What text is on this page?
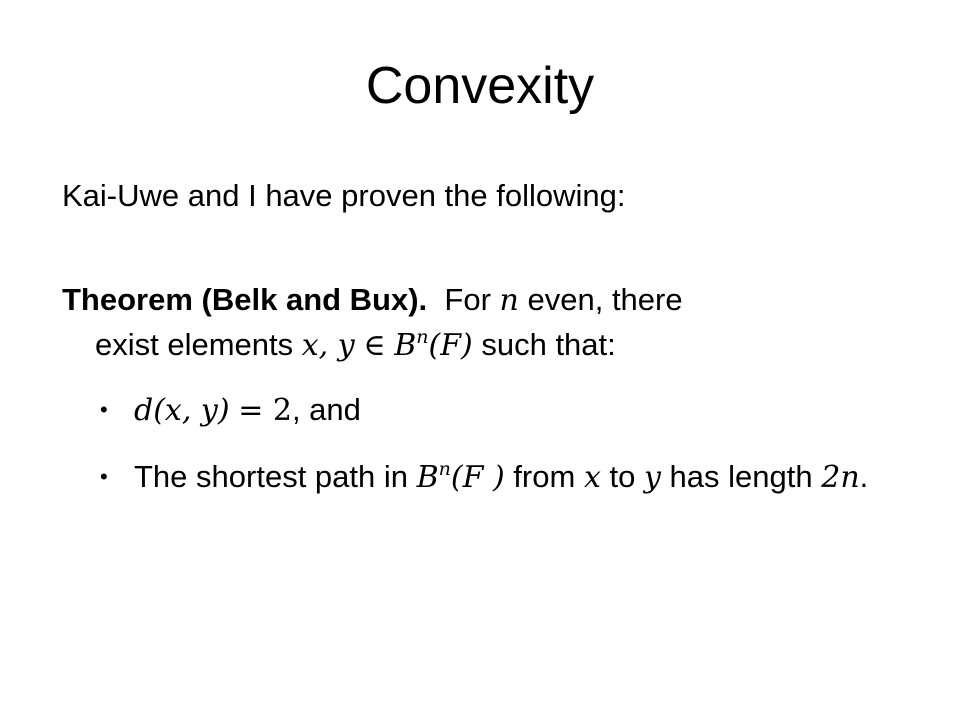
Convexity
Kai-Uwe and I have proven the following:
Theorem (Belk and Bux). For n even, there
exist elements x, y ∈ $B^n(F)$ such that:
• d(x, y) = 2, and
• The shortest path in $B^n(F$ ) from x to y has length 2n.
